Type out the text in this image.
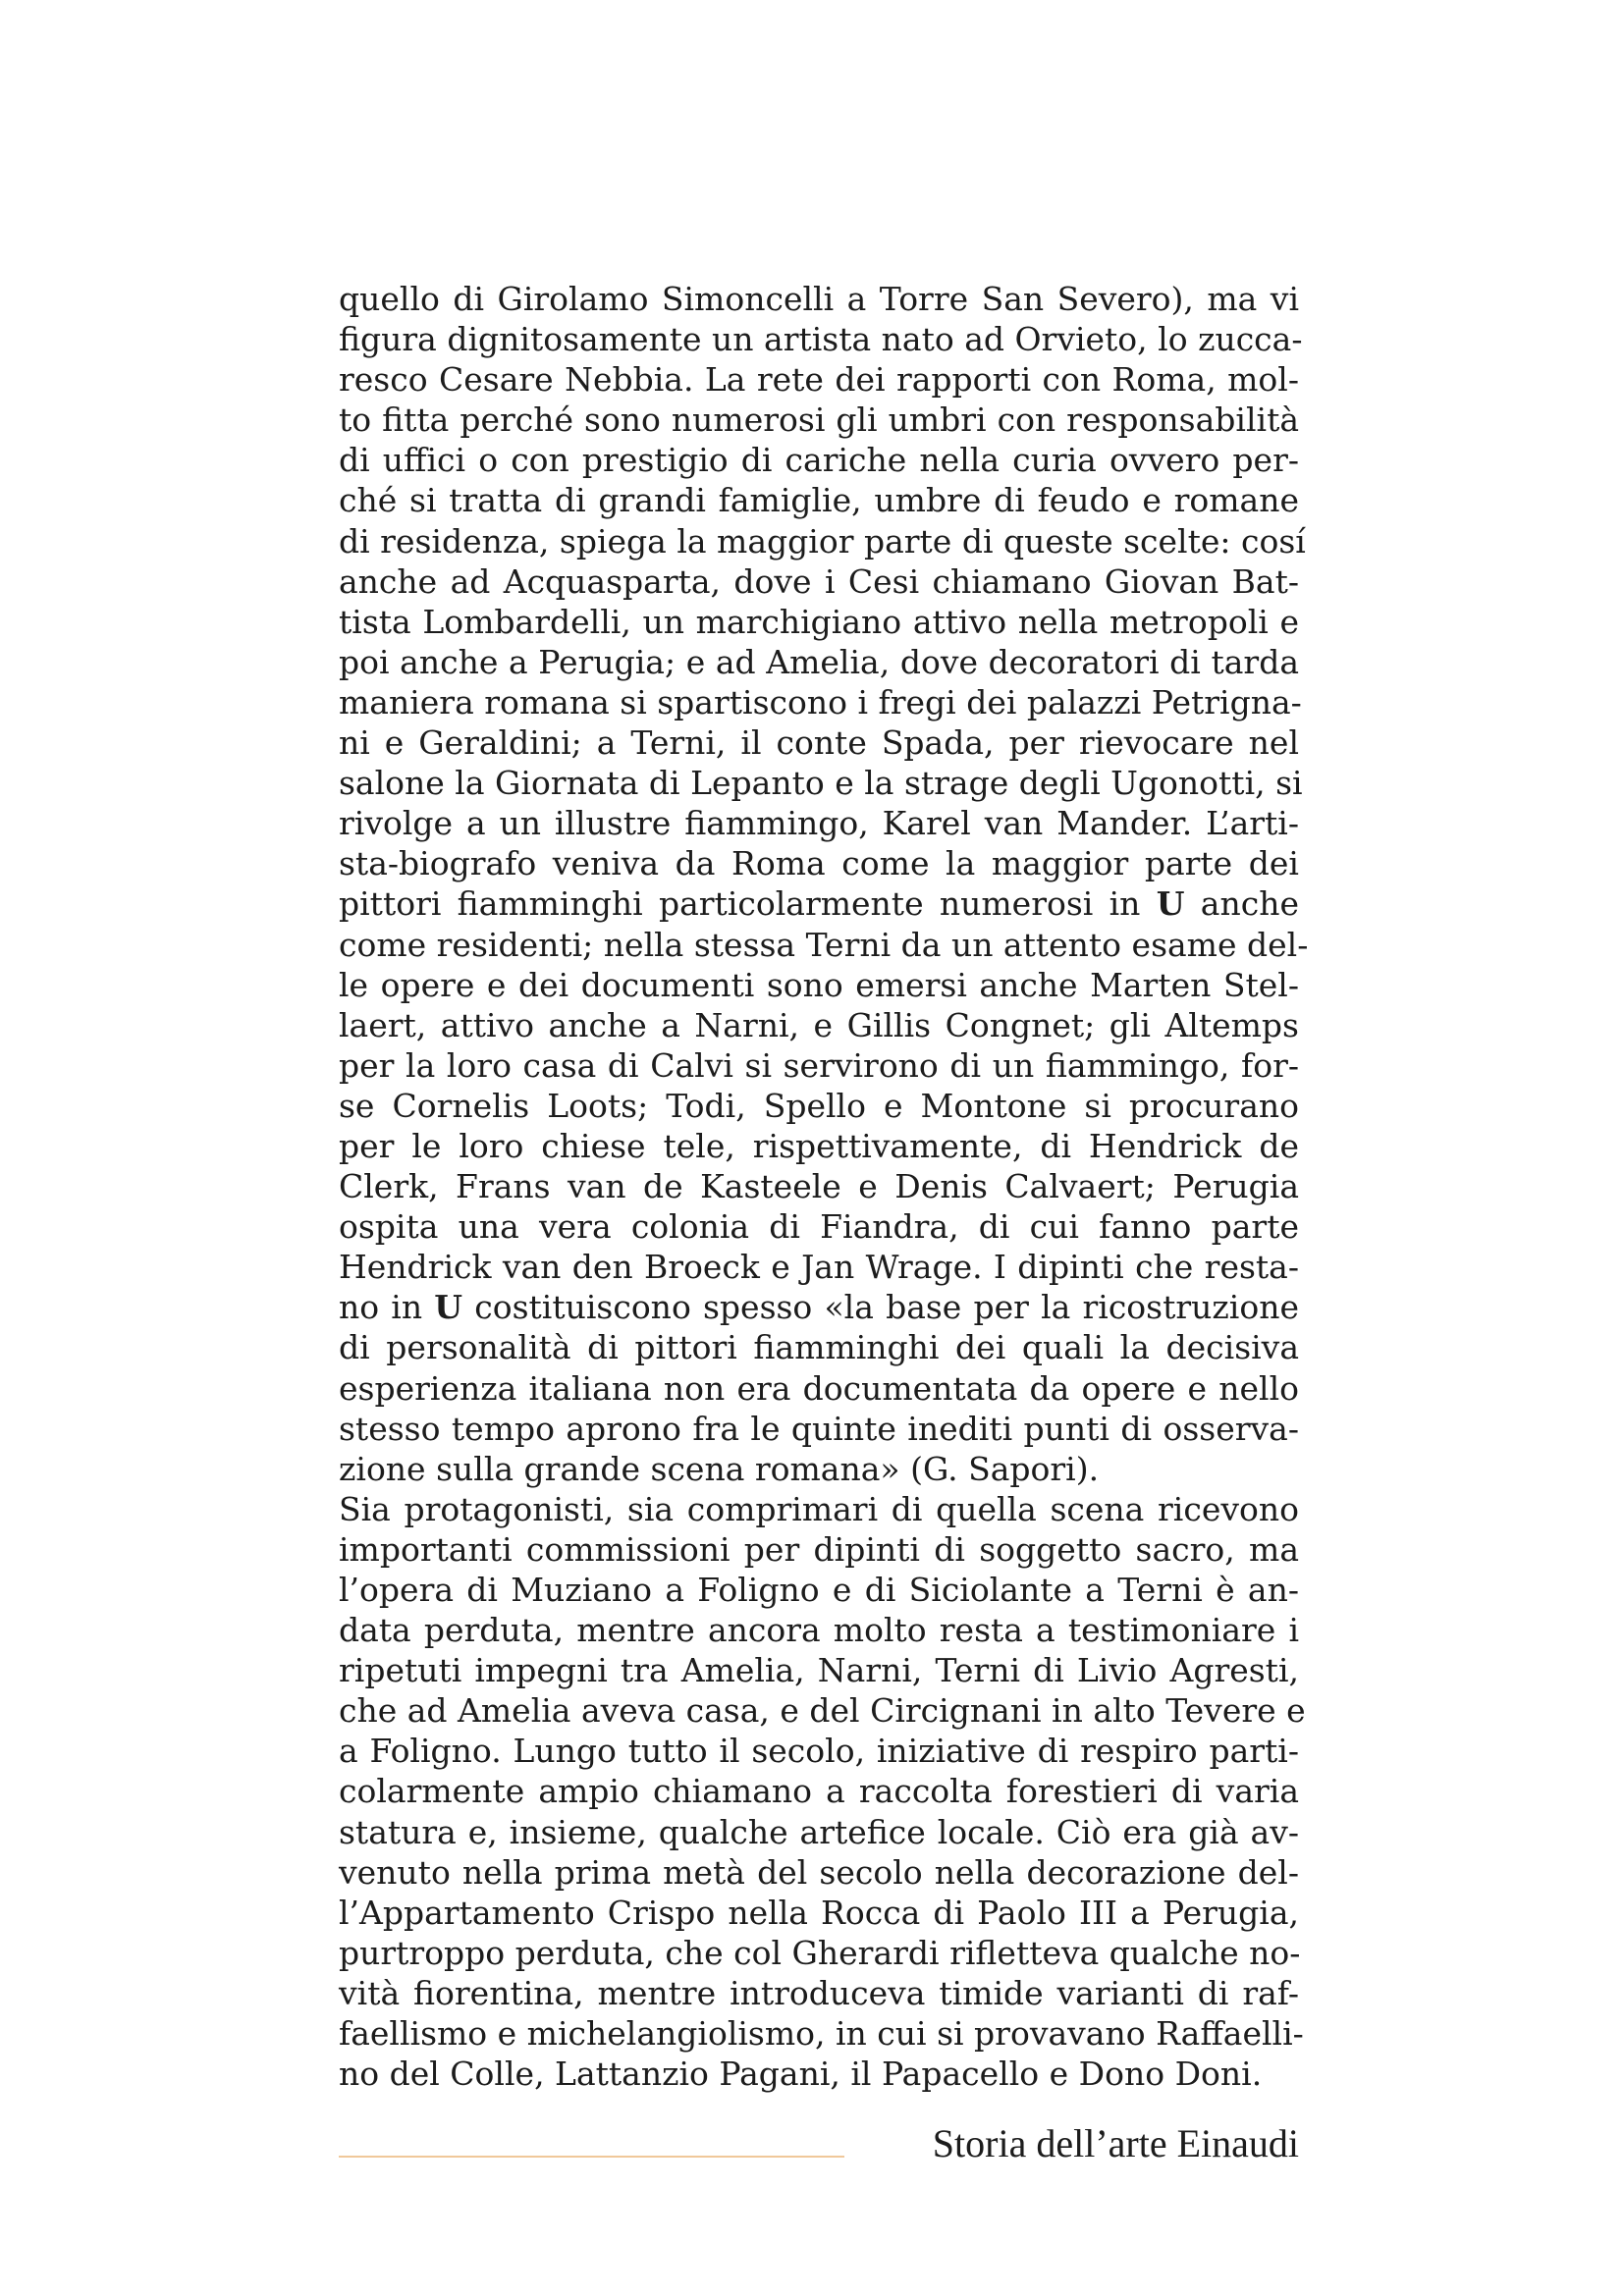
quello di Girolamo Simoncelli a Torre San Severo), ma vi
figura dignitosamente un artista nato ad Orvieto, lo zucca-
resco Cesare Nebbia. La rete dei rapporti con Roma, mol-
to fitta perché sono numerosi gli umbri con responsabilità
di uffici o con prestigio di cariche nella curia ovvero per-
ché si tratta di grandi famiglie, umbre di feudo e romane
di residenza, spiega la maggior parte di queste scelte: cosí
anche ad Acquasparta, dove i Cesi chiamano Giovan Bat-
tista Lombardelli, un marchigiano attivo nella metropoli e
poi anche a Perugia; e ad Amelia, dove decoratori di tarda
maniera romana si spartiscono i fregi dei palazzi Petrigna-
ni e Geraldini; a Terni, il conte Spada, per rievocare nel
salone la Giornata di Lepanto e la strage degli Ugonotti, si
rivolge a un illustre fiammingo, Karel van Mander. L’arti-
sta-biografo veniva da Roma come la maggior parte dei
pittori fiamminghi particolarmente numerosi in U anche
come residenti; nella stessa Terni da un attento esame del-
le opere e dei documenti sono emersi anche Marten Stel-
laert, attivo anche a Narni, e Gillis Congnet; gli Altemps
per la loro casa di Calvi si servirono di un fiammingo, for-
se Cornelis Loots; Todi, Spello e Montone si procurano
per le loro chiese tele, rispettivamente, di Hendrick de
Clerk, Frans van de Kasteele e Denis Calvaert; Perugia
ospita una vera colonia di Fiandra, di cui fanno parte
Hendrick van den Broeck e Jan Wrage. I dipinti che resta-
no in U costituiscono spesso «la base per la ricostruzione
di personalità di pittori fiamminghi dei quali la decisiva
esperienza italiana non era documentata da opere e nello
stesso tempo aprono fra le quinte inediti punti di osserva-
zione sulla grande scena romana» (G. Sapori).
Sia protagonisti, sia comprimari di quella scena ricevono
importanti commissioni per dipinti di soggetto sacro, ma
l’opera di Muziano a Foligno e di Siciolante a Terni è an-
data perduta, mentre ancora molto resta a testimoniare i
ripetuti impegni tra Amelia, Narni, Terni di Livio Agresti,
che ad Amelia aveva casa, e del Circignani in alto Tevere e
a Foligno. Lungo tutto il secolo, iniziative di respiro parti-
colarmente ampio chiamano a raccolta forestieri di varia
statura e, insieme, qualche artefice locale. Ciò era già av-
venuto nella prima metà del secolo nella decorazione del-
l’Appartamento Crispo nella Rocca di Paolo III a Perugia,
purtroppo perduta, che col Gherardi rifletteva qualche no-
vità fiorentina, mentre introduceva timide varianti di raf-
faellismo e michelangiolismo, in cui si provavano Raffaelli-
no del Colle, Lattanzio Pagani, il Papacello e Dono Doni.
Storia dell’arte Einaudi
